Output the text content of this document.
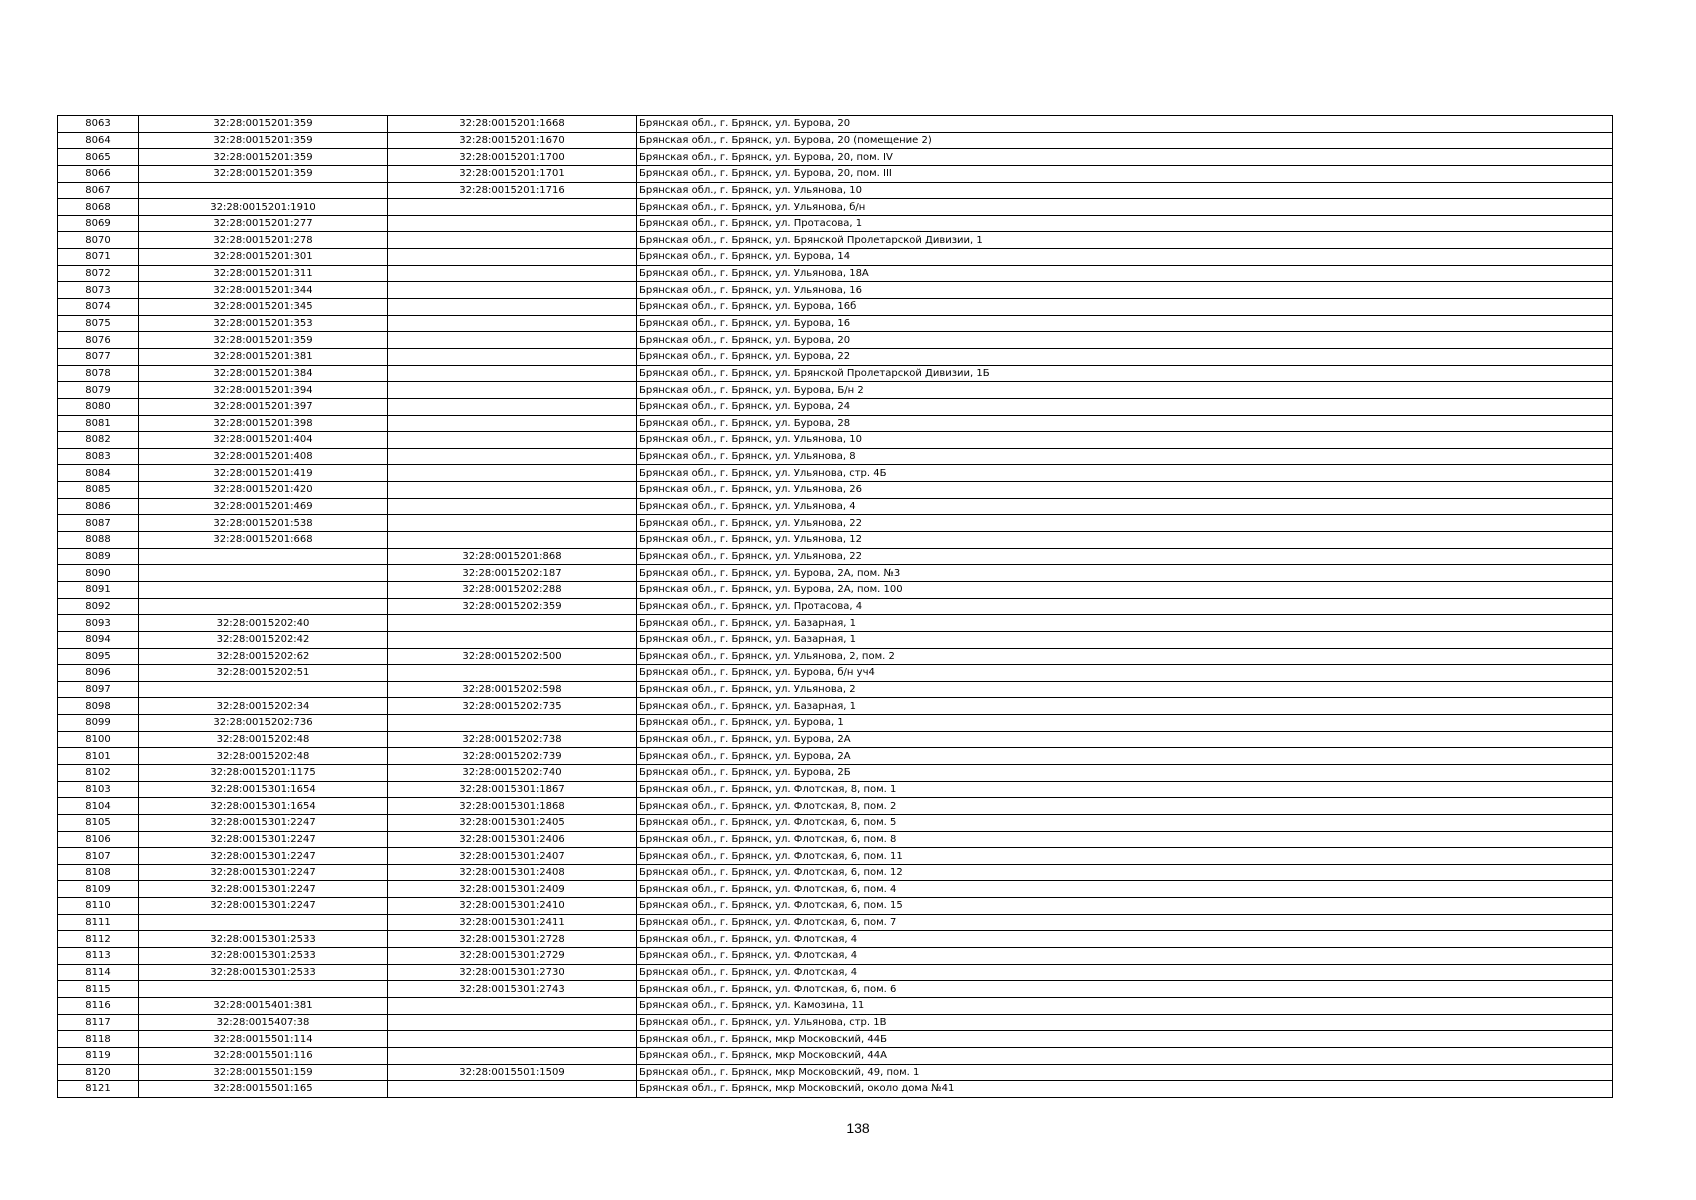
8063	32:28:0015201:359	32:28:0015201:1668	Брянская обл., г. Брянск, ул. Бурова, 20
8064	32:28:0015201:359	32:28:0015201:1670	Брянская обл., г. Брянск, ул. Бурова, 20 (помещение 2)
8065	32:28:0015201:359	32:28:0015201:1700	Брянская обл., г. Брянск, ул. Бурова, 20, пом. IV
8066	32:28:0015201:359	32:28:0015201:1701	Брянская обл., г. Брянск, ул. Бурова, 20, пом. III
8067		32:28:0015201:1716	Брянская обл., г. Брянск, ул. Ульянова, 10
8068	32:28:0015201:1910		Брянская обл., г. Брянск, ул. Ульянова, б/н
8069	32:28:0015201:277		Брянская обл., г. Брянск, ул. Протасова, 1
8070	32:28:0015201:278		Брянская обл., г. Брянск, ул. Брянской Пролетарской Дивизии, 1
8071	32:28:0015201:301		Брянская обл., г. Брянск, ул. Бурова, 14
8072	32:28:0015201:311		Брянская обл., г. Брянск, ул. Ульянова, 18А
8073	32:28:0015201:344		Брянская обл., г. Брянск, ул. Ульянова, 16
8074	32:28:0015201:345		Брянская обл., г. Брянск, ул. Бурова, 16б
8075	32:28:0015201:353		Брянская обл., г. Брянск, ул. Бурова, 16
8076	32:28:0015201:359		Брянская обл., г. Брянск, ул. Бурова, 20
8077	32:28:0015201:381		Брянская обл., г. Брянск, ул. Бурова, 22
8078	32:28:0015201:384		Брянская обл., г. Брянск, ул. Брянской Пролетарской Дивизии, 1Б
8079	32:28:0015201:394		Брянская обл., г. Брянск, ул. Бурова, Б/н 2
8080	32:28:0015201:397		Брянская обл., г. Брянск, ул. Бурова, 24
8081	32:28:0015201:398		Брянская обл., г. Брянск, ул. Бурова, 28
8082	32:28:0015201:404		Брянская обл., г. Брянск, ул. Ульянова, 10
8083	32:28:0015201:408		Брянская обл., г. Брянск, ул. Ульянова, 8
8084	32:28:0015201:419		Брянская обл., г. Брянск, ул. Ульянова, стр. 4Б
8085	32:28:0015201:420		Брянская обл., г. Брянск, ул. Ульянова, 26
8086	32:28:0015201:469		Брянская обл., г. Брянск, ул. Ульянова, 4
8087	32:28:0015201:538		Брянская обл., г. Брянск, ул. Ульянова, 22
8088	32:28:0015201:668		Брянская обл., г. Брянск, ул. Ульянова, 12
8089		32:28:0015201:868	Брянская обл., г. Брянск, ул. Ульянова, 22
8090		32:28:0015202:187	Брянская обл., г. Брянск, ул. Бурова, 2А, пом. №3
8091		32:28:0015202:288	Брянская обл., г. Брянск, ул. Бурова, 2А, пом. 100
8092		32:28:0015202:359	Брянская обл., г. Брянск, ул. Протасова, 4
8093	32:28:0015202:40		Брянская обл., г. Брянск, ул. Базарная, 1
8094	32:28:0015202:42		Брянская обл., г. Брянск, ул. Базарная, 1
8095	32:28:0015202:62	32:28:0015202:500	Брянская обл., г. Брянск, ул. Ульянова, 2, пом. 2
8096	32:28:0015202:51		Брянская обл., г. Брянск, ул. Бурова, б/н уч4
8097		32:28:0015202:598	Брянская обл., г. Брянск, ул. Ульянова, 2
8098	32:28:0015202:34	32:28:0015202:735	Брянская обл., г. Брянск, ул. Базарная, 1
8099	32:28:0015202:736		Брянская обл., г. Брянск, ул. Бурова, 1
8100	32:28:0015202:48	32:28:0015202:738	Брянская обл., г. Брянск, ул. Бурова, 2А
8101	32:28:0015202:48	32:28:0015202:739	Брянская обл., г. Брянск, ул. Бурова, 2А
8102	32:28:0015201:1175	32:28:0015202:740	Брянская обл., г. Брянск, ул. Бурова, 2Б
8103	32:28:0015301:1654	32:28:0015301:1867	Брянская обл., г. Брянск, ул. Флотская, 8, пом. 1
8104	32:28:0015301:1654	32:28:0015301:1868	Брянская обл., г. Брянск, ул. Флотская, 8, пом. 2
8105	32:28:0015301:2247	32:28:0015301:2405	Брянская обл., г. Брянск, ул. Флотская, 6, пом. 5
8106	32:28:0015301:2247	32:28:0015301:2406	Брянская обл., г. Брянск, ул. Флотская, 6, пом. 8
8107	32:28:0015301:2247	32:28:0015301:2407	Брянская обл., г. Брянск, ул. Флотская, 6, пом. 11
8108	32:28:0015301:2247	32:28:0015301:2408	Брянская обл., г. Брянск, ул. Флотская, 6, пом. 12
8109	32:28:0015301:2247	32:28:0015301:2409	Брянская обл., г. Брянск, ул. Флотская, 6, пом. 4
8110	32:28:0015301:2247	32:28:0015301:2410	Брянская обл., г. Брянск, ул. Флотская, 6, пом. 15
8111		32:28:0015301:2411	Брянская обл., г. Брянск, ул. Флотская, 6, пом. 7
8112	32:28:0015301:2533	32:28:0015301:2728	Брянская обл., г. Брянск, ул. Флотская, 4
8113	32:28:0015301:2533	32:28:0015301:2729	Брянская обл., г. Брянск, ул. Флотская, 4
8114	32:28:0015301:2533	32:28:0015301:2730	Брянская обл., г. Брянск, ул. Флотская, 4
8115		32:28:0015301:2743	Брянская обл., г. Брянск, ул. Флотская, 6, пом. 6
8116	32:28:0015401:381		Брянская обл., г. Брянск, ул. Камозина, 11
8117	32:28:0015407:38		Брянская обл., г. Брянск, ул. Ульянова, стр. 1В
8118	32:28:0015501:114		Брянская обл., г. Брянск, мкр Московский, 44Б
8119	32:28:0015501:116		Брянская обл., г. Брянск, мкр Московский, 44А
8120	32:28:0015501:159	32:28:0015501:1509	Брянская обл., г. Брянск, мкр Московский, 49, пом. 1
8121	32:28:0015501:165		Брянская обл., г. Брянск, мкр Московский, около дома №41
138
